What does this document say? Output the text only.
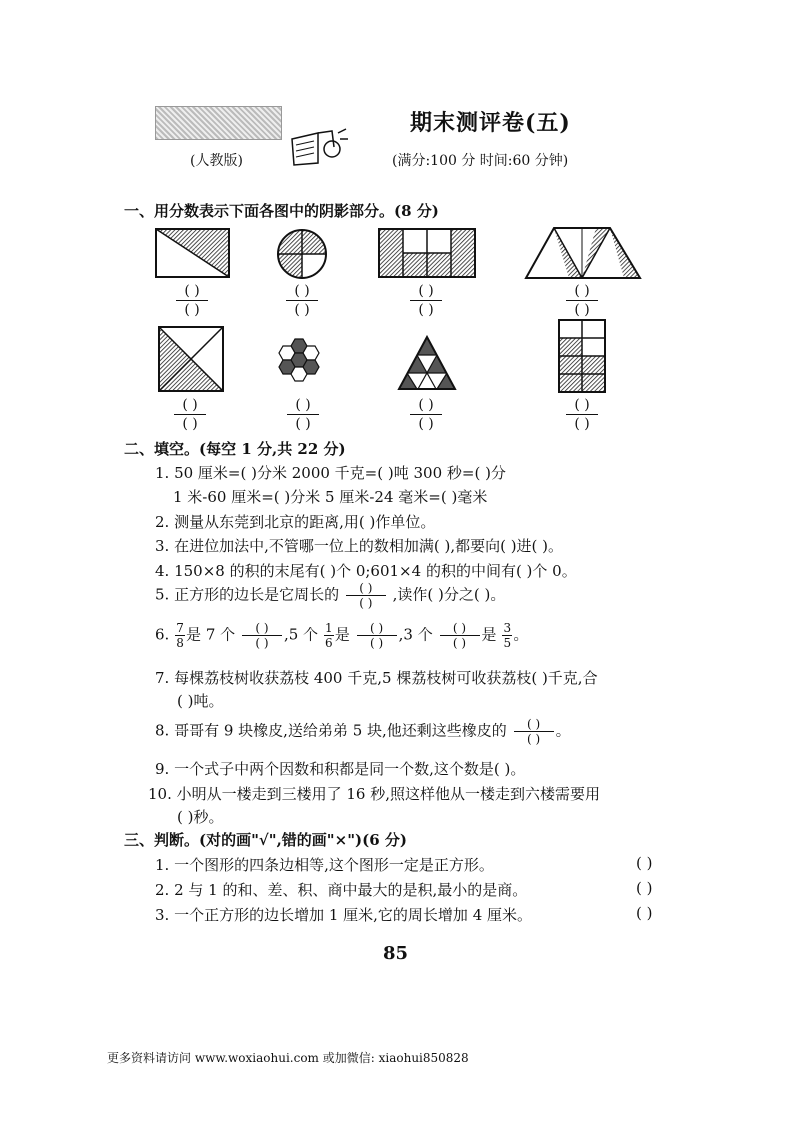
期末测评卷(五)
(人教版)	(满分:100 分 时间:60 分钟)
一、用分数表示下面各图中的阴影部分。(8 分)
( )
( )
( )
( )
( )
( )
( )
( )
( )
( )
( )
( )
( )
( )
( )
( )
二、填空。(每空 1 分,共 22 分)
1. 50 厘米=( )分米 2000 千克=( )吨 300 秒=( )分
1 米-60 厘米=( )分米 5 厘米-24 毫米=( )毫米
2. 测量从东莞到北京的距离,用( )作单位。
3. 在进位加法中,不管哪一位上的数相加满( ),都要向( )进( )。
4. 150×8 的积的末尾有( )个 0;601×4 的积的中间有( )个 0。
5. 正方形的边长是它周长的 $\frac{( )}{( )}$ ,读作( )分之( )。
6. $\frac{7}{8}$ 是 7 个 $\frac{( )}{( )} ,5$ 个 $\frac{1}{6}$ 是 $\frac{( )}{( )} ,3$ 个 $\frac{( )}{( )}$ 是 $\frac{3}{5}$ 。
7. 每棵荔枝树收获荔枝 400 千克,5 棵荔枝树可收获荔枝( )千克,合
( )吨。
8. 哥哥有 9 块橡皮,送给弟弟 5 块,他还剩这些橡皮的 $\frac{( )}{( )}$ 。
9. 一个式子中两个因数和积都是同一个数,这个数是( )。
10. 小明从一楼走到三楼用了 16 秒,照这样他从一楼走到六楼需要用
( )秒。
三、判断。(对的画"√",错的画"×")(6 分)
1. 一个图形的四条边相等,这个图形一定是正方形。	( )
2. 2 与 1 的和、差、积、商中最大的是积,最小的是商。	( )
3. 一个正方形的边长增加 1 厘米,它的周长增加 4 厘米。	( )
85
更多资料请访问 www.woxiaohui.com 或加微信: xiaohui850828
